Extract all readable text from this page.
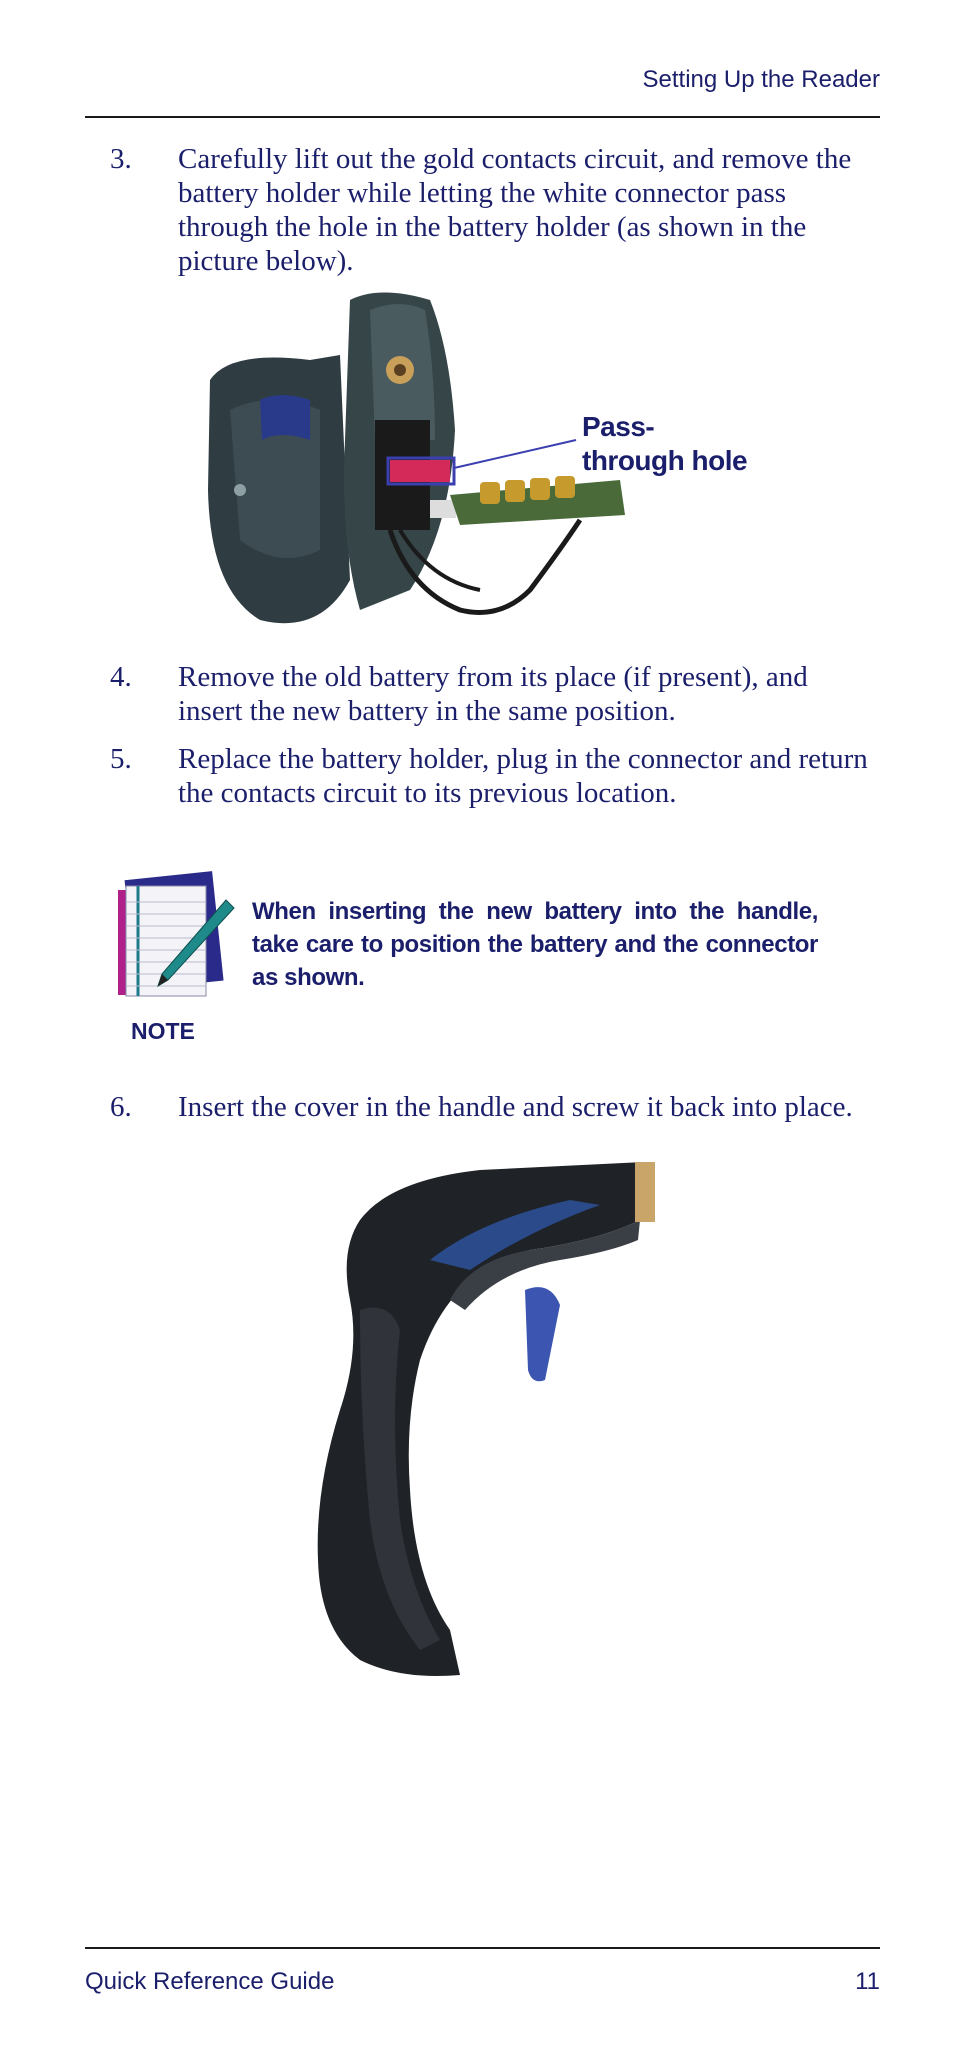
Setting Up the Reader
3. Carefully lift out the gold contacts circuit, and remove the battery holder while letting the white connector pass through the hole in the battery holder (as shown in the picture below).
Pass-through hole
4. Remove the old battery from its place (if present), and insert the new battery in the same position.
5. Replace the battery holder, plug in the connector and return the contacts circuit to its previous location.
NOTE
When inserting the new battery into the handle, take care to position the battery and the connector as shown.
6. Insert the cover in the handle and screw it back into place.
Quick Reference Guide	11
